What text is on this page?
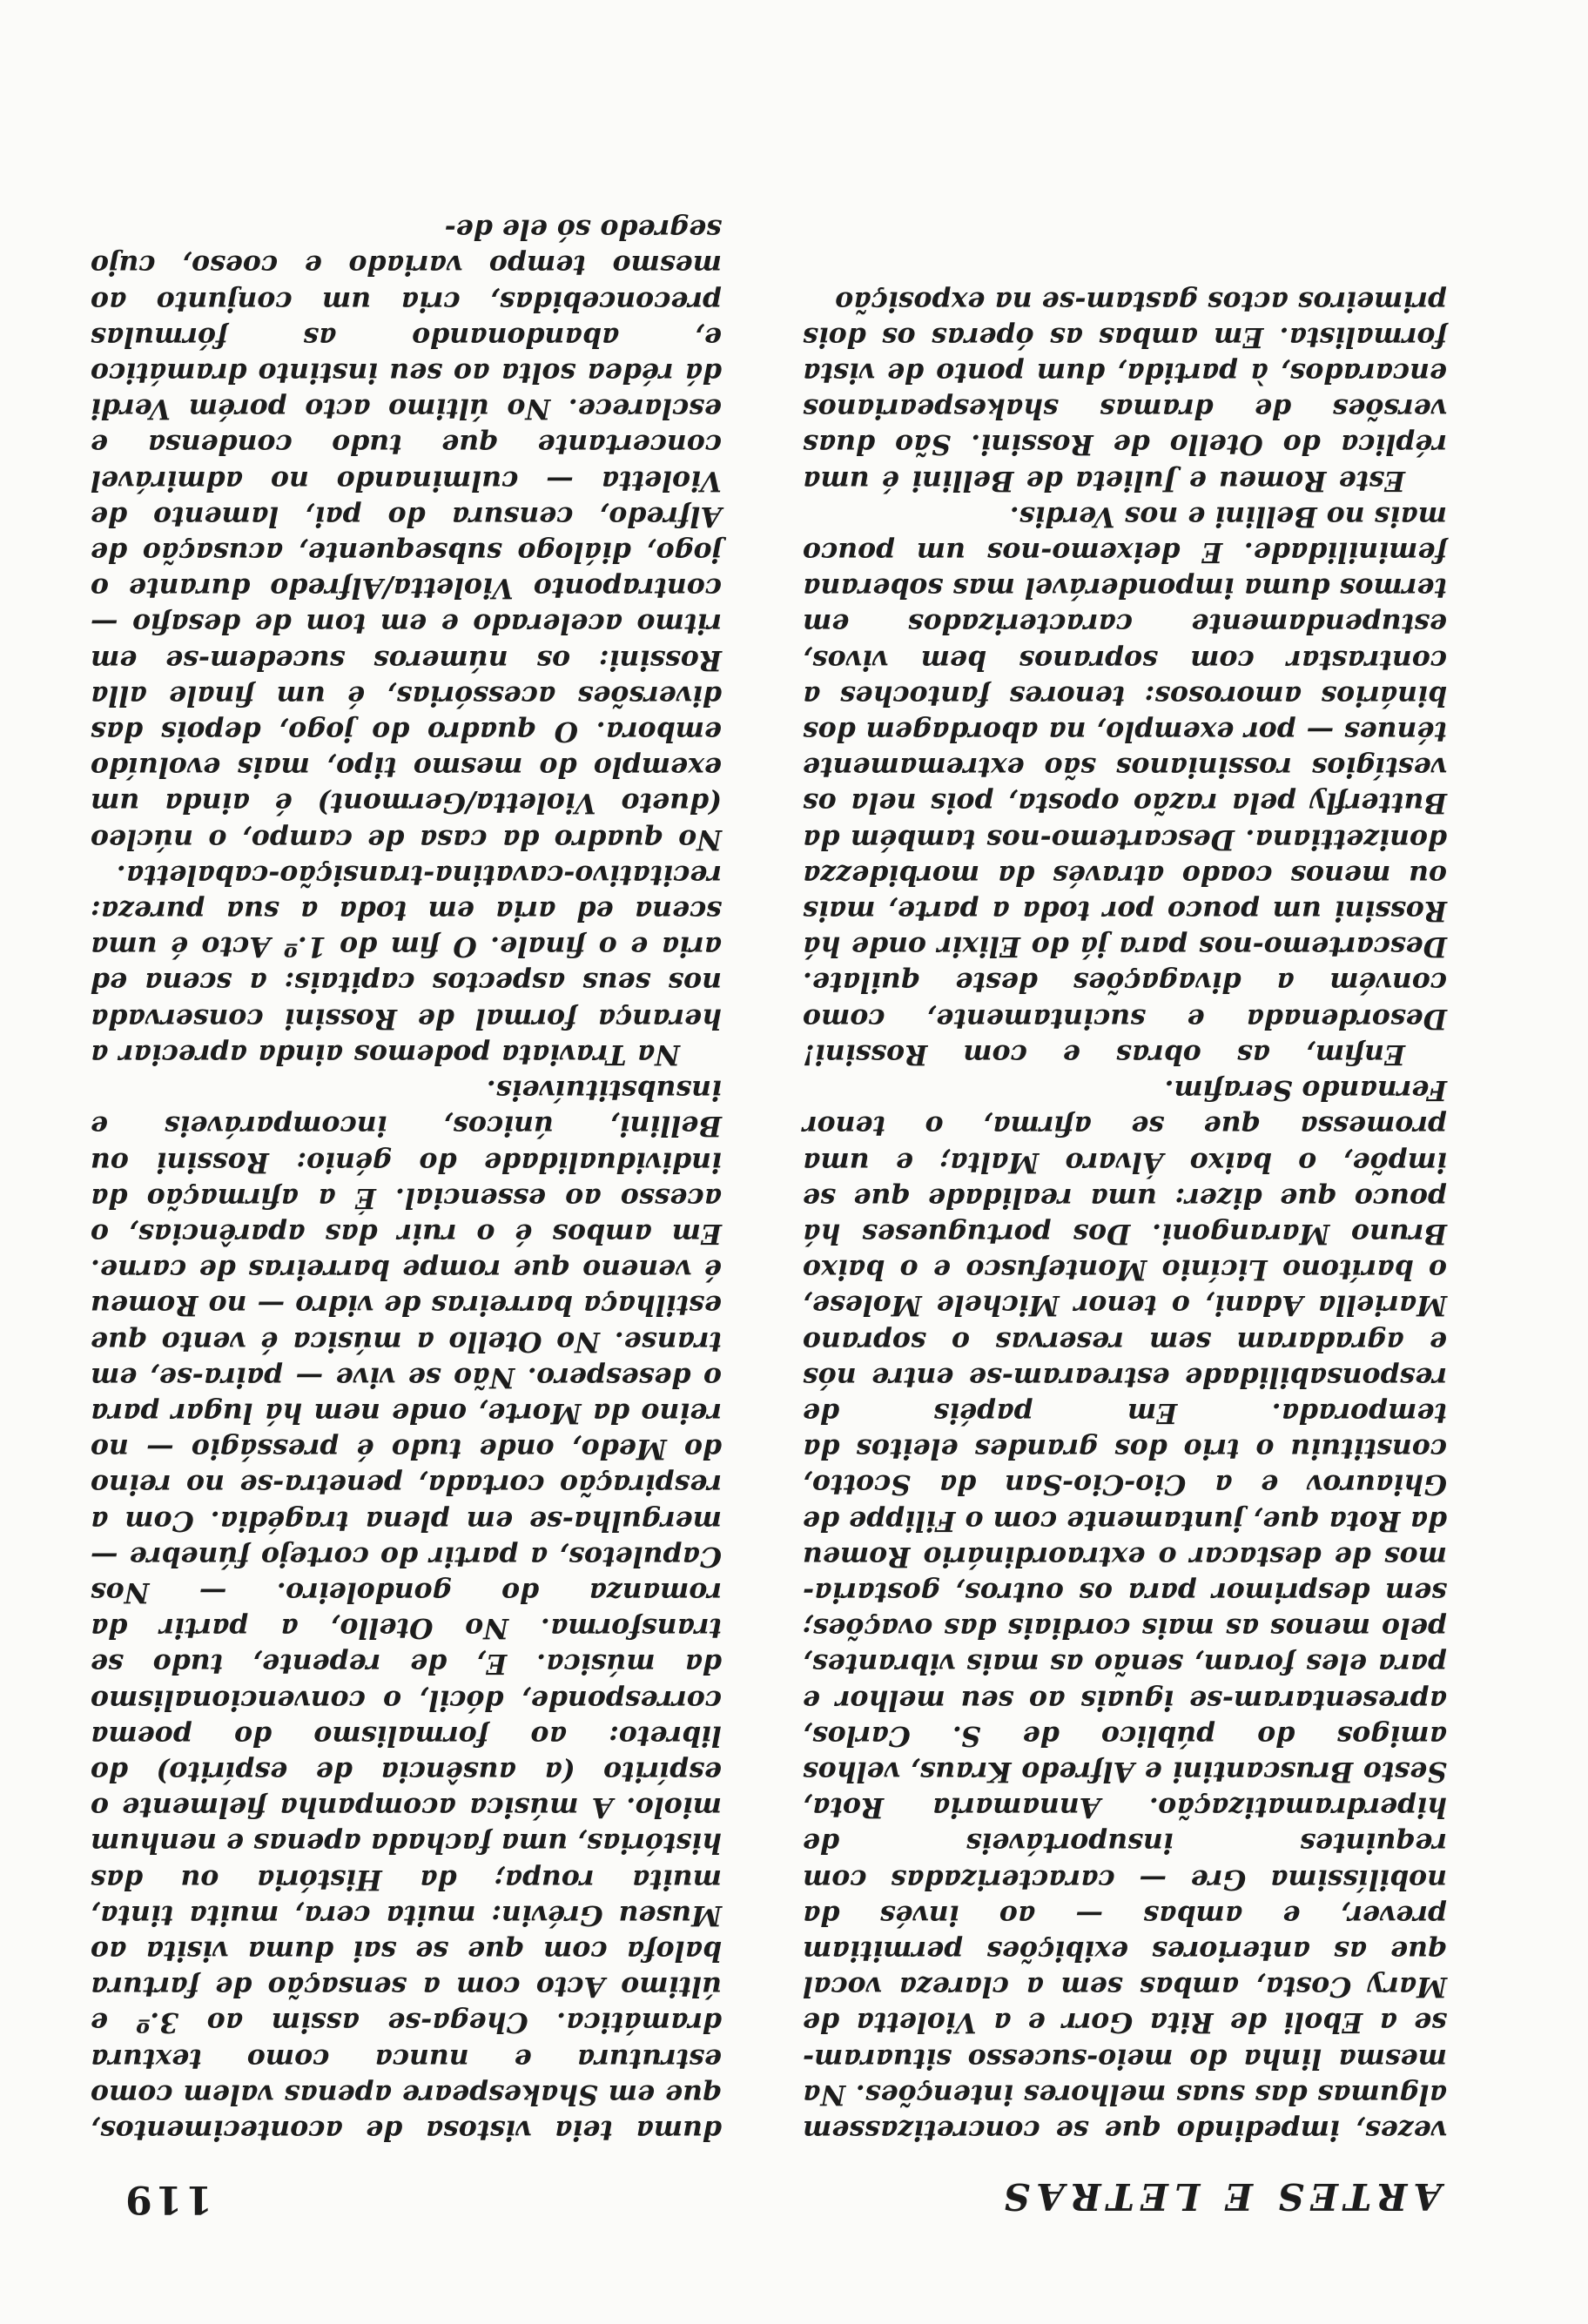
ARTES E LETRAS
119

vezes, impedindo que se concretizassem algumas das suas melhores intenções. Na mesma linha do meio-sucesso situaram-se a Eboli de Rita Gorr e a Violetta de Mary Costa, ambas sem a clareza vocal que as anteriores exibições permitiam prever, e ambas — ao invés da nobilíssima Gre — caracterizadas com requintes insuportáveis de hiperdramatização. Annamaria Rota, Sesto Bruscantini e Alfredo Kraus, velhos amigos do público de S. Carlos, apresentaram-se iguais ao seu melhor e para eles foram, senão as mais vibrantes, pelo menos as mais cordiais das ovações; sem desprimor para os outros, gostaria-mos de destacar o extraordinário Romeu da Rota que, juntamente com o Filippe de Ghiaurov e a Cio-Cio-San da Scotto, constituiu o trio dos grandes eleitos da temporada. Em papéis de responsabilidade estrearam-se entre nós e agradaram sem reservas o soprano Mariella Adani, o tenor Michele Molese, o barítono Licínio Montefusco e o baixo Bruno Marangoni. Dos portugueses há pouco que dizer: uma realidade que se impõe, o baixo Álvaro Malta; e uma promessa que se afirma, o tenor Fernando Serafim.

Enfim, as obras e com Rossini! Desordenada e sucintamente, como convém a divagações deste quilate. Descartemo-nos para já do Elixir onde há Rossini um pouco por toda a parte, mais ou menos coado através da morbidezza donizettiana. Descartemo-nos também da Butterfly pela razão oposta, pois nela os vestígios rossinianos são extremamente ténues — por exemplo, na abordagem dos binários amorosos: tenores fantoches a contrastar com sopranos bem vivos, estupendamente caracterizados em termos duma imponderável mas soberana feminilidade. E deixemo-nos um pouco mais no Bellini e nos Verdis.

Este Romeu e Julieta de Bellini é uma réplica do Otello de Rossini. São duas versões de dramas shakespearianos encarados, à partida, dum ponto de vista formalista. Em ambas as óperas os dois primeiros actos gastam-se na exposição

duma teia vistosa de acontecimentos, que em Shakespeare apenas valem como estrutura e nunca como textura dramática. Chega-se assim ao 3.º e último Acto com a sensação de fartura balofa com que se sai duma visita ao Museu Grévin: muita cera, muita tinta, muita roupa; da História ou das histórias, uma fachada apenas e nenhum miolo. A música acompanha fielmente o espírito (a ausência de espírito) do libreto: ao formalismo do poema corresponde, dócil, o convencionalismo da música. E, de repente, tudo se transforma. No Otello, a partir da romanza do gondoleiro. — Nos Capuletos, a partir do cortejo fúnebre — mergulha-se em plena tragédia. Com a respiração cortada, penetra-se no reino do Medo, onde tudo é presságio — no reino da Morte, onde nem há lugar para o desespero. Não se vive — paira-se, em transe. No Otello a música é vento que estilhaça barreiras de vidro — no Romeu é veneno que rompe barreiras de carne. Em ambos é o ruir das aparências, o acesso ao essencial. É a afirmação da individualidade do génio: Rossini ou Bellini, únicos, incomparáveis e insubstituíveis.

Na Traviata podemos ainda apreciar a herança formal de Rossini conservada nos seus aspectos capitais: a scena ed aria e o finale. O fim do 1.º Acto é uma scena ed aria em toda a sua pureza: recitativo-cavatina-transição-cabaletta. No quadro da casa de campo, o núcleo (dueto Violetta/Germont) é ainda um exemplo do mesmo tipo, mais evoluído embora. O quadro do jogo, depois das diversões acessórias, é um finale alla Rossini: os números sucedem-se em ritmo acelerado e em tom de desafio — contraponto Violetta/Alfredo durante o jogo, diálogo subsequente, acusação de Alfredo, censura do pai, lamento de Violetta — culminando no admirável concertante que tudo condensa e esclarece. No último acto porém Verdi dá rédea solta ao seu instinto dramático e, abandonando as fórmulas preconcebidas, cria um conjunto ao mesmo tempo variado e coeso, cujo segredo só ele de-
